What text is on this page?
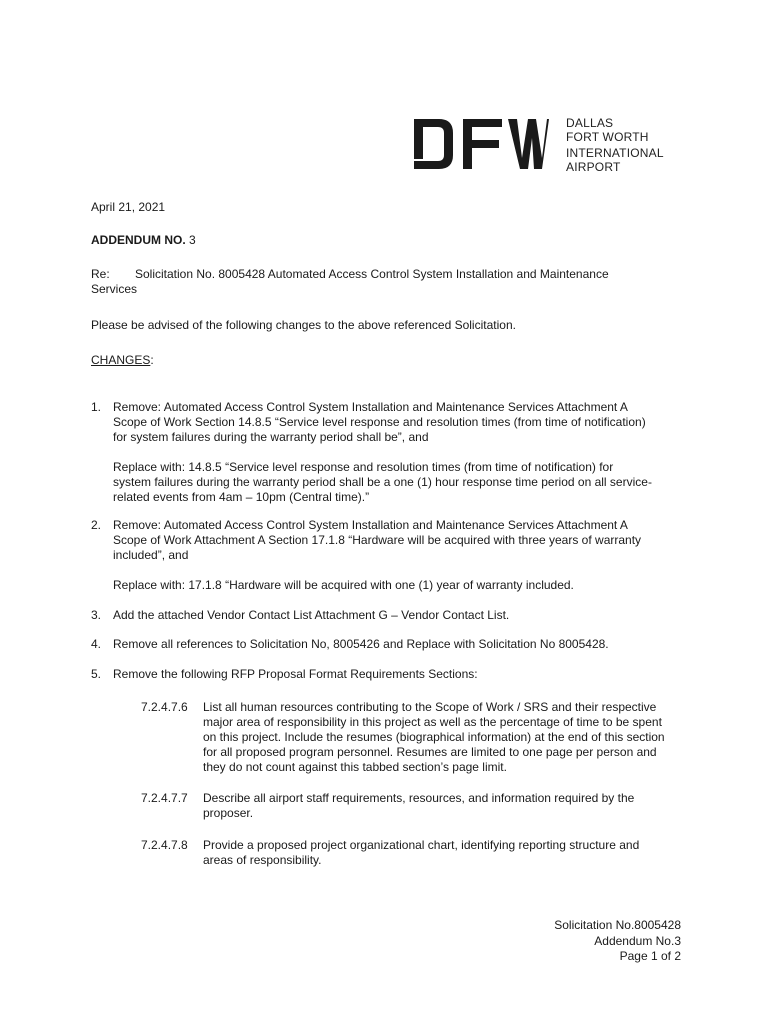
DALLAS
FORT WORTH
INTERNATIONAL
AIRPORT
April 21, 2021
ADDENDUM NO. 3
Re: Solicitation No. 8005428 Automated Access Control System Installation and Maintenance
Services
Please be advised of the following changes to the above referenced Solicitation.
CHANGES:
1. Remove: Automated Access Control System Installation and Maintenance Services Attachment A
Scope of Work Section 14.8.5 “Service level response and resolution times (from time of notification)
for system failures during the warranty period shall be”, and
Replace with: 14.8.5 “Service level response and resolution times (from time of notification) for
system failures during the warranty period shall be a one (1) hour response time period on all service-
related events from 4am – 10pm (Central time).”
2. Remove: Automated Access Control System Installation and Maintenance Services Attachment A
Scope of Work Attachment A Section 17.1.8 “Hardware will be acquired with three years of warranty
included”, and
Replace with: 17.1.8 “Hardware will be acquired with one (1) year of warranty included.
3. Add the attached Vendor Contact List Attachment G – Vendor Contact List.
4. Remove all references to Solicitation No, 8005426 and Replace with Solicitation No 8005428.
5. Remove the following RFP Proposal Format Requirements Sections:
7.2.4.7.6 List all human resources contributing to the Scope of Work / SRS and their respective
major area of responsibility in this project as well as the percentage of time to be spent
on this project. Include the resumes (biographical information) at the end of this section
for all proposed program personnel. Resumes are limited to one page per person and
they do not count against this tabbed section’s page limit.
7.2.4.7.7 Describe all airport staff requirements, resources, and information required by the
proposer.
7.2.4.7.8 Provide a proposed project organizational chart, identifying reporting structure and
areas of responsibility.
Solicitation No.8005428
Addendum No.3
Page 1 of 2
